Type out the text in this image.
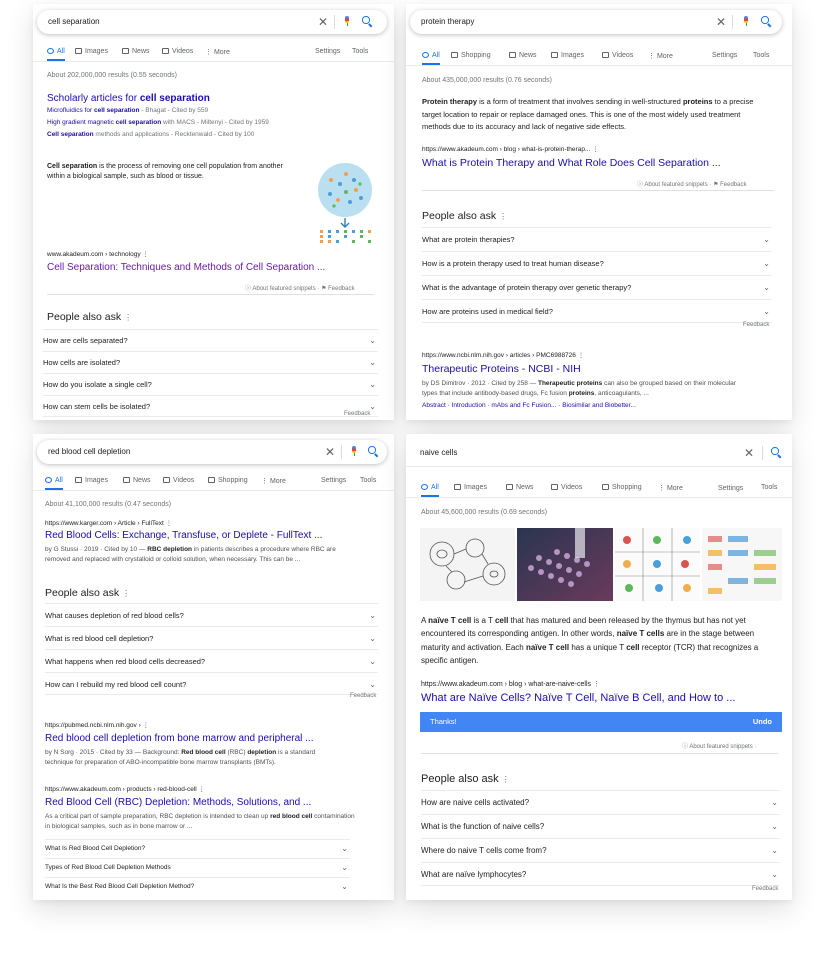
cell separation	✕
All	Images	News	Videos ⋮ More	Settings Tools
About 202,000,000 results (0.55 seconds)
Scholarly articles for cell separation
Microfluidics for cell separation - Bhagat - Cited by 559
High gradient magnetic cell separation with MACS - Miltenyi - Cited by 1959
Cell separation methods and applications - Recktenwald - Cited by 100
Cell separation is the process of removing one cell population from another within a biological sample, such as blood or tissue.
www.akadeum.com › technology ⋮
Cell Separation: Techniques and Methods of Cell Separation ...
ⓘ About featured snippets · ⚑ Feedback
People also ask ⋮
How are cells separated?	⌄
How cells are isolated?	⌄
How do you isolate a single cell?	⌄
How can stem cells be isolated?	⌄
Feedback
protein therapy	✕
All	Shopping	News	Images	Videos ⋮ More	Settings Tools
About 435,000,000 results (0.76 seconds)
Protein therapy is a form of treatment that involves sending in well-structured proteins to a precise target location to repair or replace damaged ones. This is one of the most widely used treatment methods due to its accuracy and lack of negative side effects.
https://www.akadeum.com › blog › what-is-protein-therap... ⋮
What is Protein Therapy and What Role Does Cell Separation ...
ⓘ About featured snippets · ⚑ Feedback
People also ask ⋮
What are protein therapies?	⌄
How is a protein therapy used to treat human disease?	⌄
What is the advantage of protein therapy over genetic therapy?	⌄
How are proteins used in medical field?	⌄
Feedback
https://www.ncbi.nlm.nih.gov › articles › PMC6988726 ⋮
Therapeutic Proteins - NCBI - NIH
by DS Dimitrov · 2012 · Cited by 258 — Therapeutic proteins can also be grouped based on their molecular types that include antibody-based drugs, Fc fusion proteins, anticoagulants, ...
Abstract · Introduction · mAbs and Fc Fusion... · Biosimilar and Biobetter...
red blood cell depletion	✕
All	Images	News	Videos	Shopping ⋮ More	Settings Tools
About 41,100,000 results (0.47 seconds)
https://www.karger.com › Article › FullText ⋮
Red Blood Cells: Exchange, Transfuse, or Deplete - FullText ...
by G Stussi · 2019 · Cited by 10 — RBC depletion in patients describes a procedure where RBC are removed and replaced with crystalloid or colloid solution, when necessary. This can be ...
People also ask ⋮
What causes depletion of red blood cells?	⌄
What is red blood cell depletion?	⌄
What happens when red blood cells decreased?	⌄
How can I rebuild my red blood cell count?	⌄
Feedback
https://pubmed.ncbi.nlm.nih.gov › ⋮
Red blood cell depletion from bone marrow and peripheral ...
by N Sorg · 2015 · Cited by 33 — Background: Red blood cell (RBC) depletion is a standard technique for preparation of ABO-incompatible bone marrow transplants (BMTs).
https://www.akadeum.com › products › red-blood-cell ⋮
Red Blood Cell (RBC) Depletion: Methods, Solutions, and ...
As a critical part of sample preparation, RBC depletion is intended to clean up red blood cell contamination in biological samples, such as in bone marrow or ...
What Is Red Blood Cell Depletion?	⌄
Types of Red Blood Cell Depletion Methods	⌄
What Is the Best Red Blood Cell Depletion Method?	⌄
naive cells	✕
All	Images	News	Videos	Shopping ⋮ More	Settings	Tools
About 45,600,000 results (0.69 seconds)
A naïve T cell is a T cell that has matured and been released by the thymus but has not yet encountered its corresponding antigen. In other words, naïve T cells are in the stage between maturity and activation. Each naïve T cell has a unique T cell receptor (TCR) that recognizes a specific antigen.
https://www.akadeum.com › blog › what-are-naive-cells ⋮
What are Naïve Cells? Naïve T Cell, Naïve B Cell, and How to ...
Thanks!	Undo
ⓘ About featured snippets ·
People also ask ⋮
How are naive cells activated?	⌄
What is the function of naive cells?	⌄
Where do naive T cells come from?	⌄
What are naïve lymphocytes?	⌄
Feedback
